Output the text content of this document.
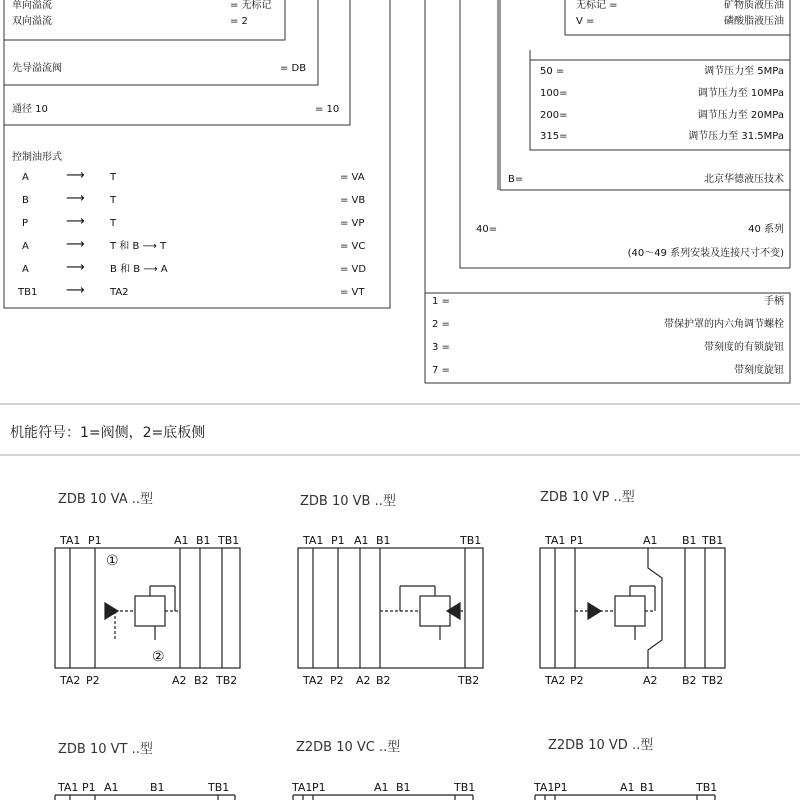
单向溢流	= 无标记
双向溢流	= 2
先导溢流阀	= DB
通径 10	= 10
控制油形式
A	⟶	T	= VA
B	⟶	T	= VB
P	⟶	T	= VP
A	⟶	T 和 B ⟶ T	= VC
A	⟶	B 和 B ⟶ A	= VD
TB1 ⟶	TA2	= VT
无标记 =	矿物质液压油
V =	磷酸脂液压油
50 =	调节压力至 5MPa
100=	调节压力至 10MPa
200=	调节压力至 20MPa
315=	调节压力至 31.5MPa
B=	北京华德液压技术
40=	40 系列
(40～49 系列安装及连接尺寸不变)
1 =	手柄
2 =	带保护罩的内六角调节螺栓
3 =	带刻度的有锁旋钮
7 =	带刻度旋钮
机能符号：1=阀侧，2=底板侧
ZDB 10 VA ..型	ZDB 10 VB ..型	ZDB 10 VP ..型
ZDB 10 VT ..型	Z2DB 10 VC ..型	Z2DB 10 VD ..型
TA1 P1	A1 B1 TB1
TA2 P2	A2 B2 TB2
①
②
TA1 P1 A1 B1	TB1
TA2 P2 A2 B2	TB2
TA1 P1	A1 B1 TB1
TA2 P2	A2 B2 TB2
TA1 P1 A1	B1	TB1	TA1 P1	A1 B1	TB1	TA1 P1	A1 B1	TB1
